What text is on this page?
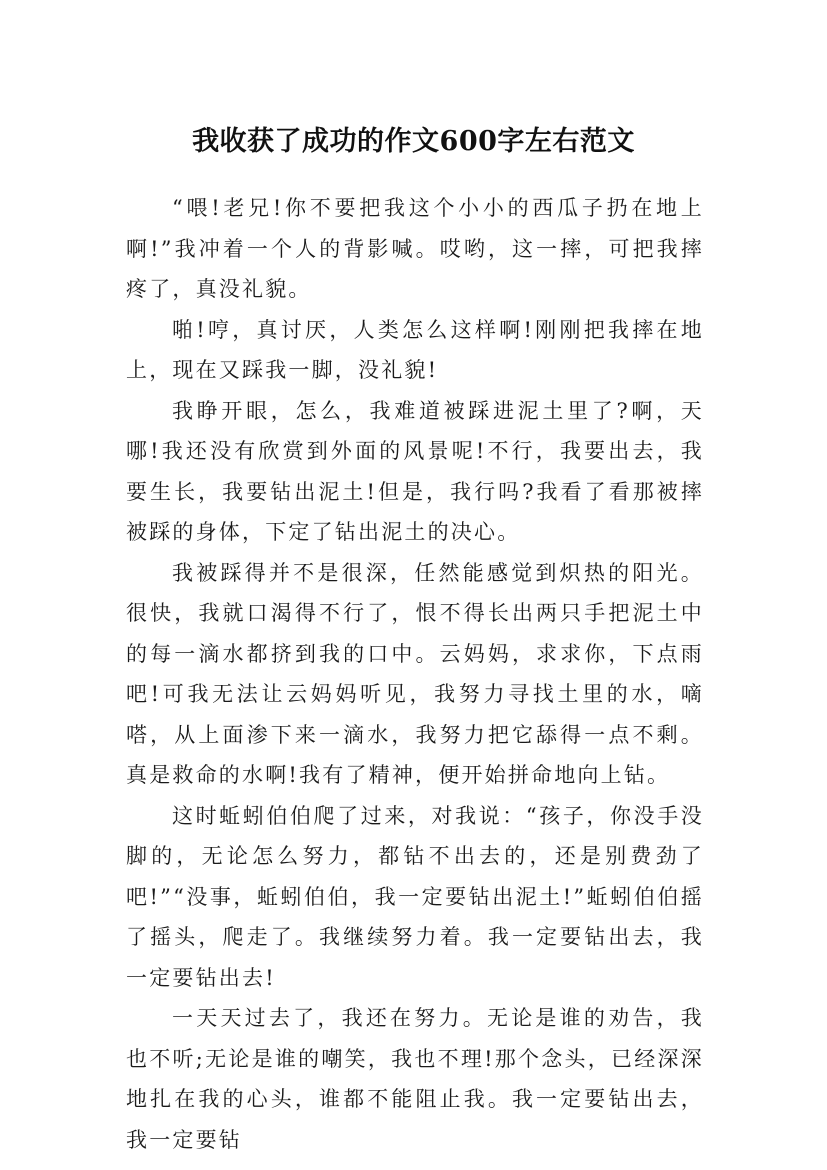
我收获了成功的作文600字左右范文

“喂!老兄!你不要把我这个小小的西瓜子扔在地上啊!”我冲着一个人的背影喊。哎哟，这一摔，可把我摔疼了，真没礼貌。

啪!哼，真讨厌，人类怎么这样啊!刚刚把我摔在地上，现在又踩我一脚，没礼貌!

我睁开眼，怎么，我难道被踩进泥土里了?啊，天哪!我还没有欣赏到外面的风景呢!不行，我要出去，我要生长，我要钻出泥土!但是，我行吗?我看了看那被摔被踩的身体，下定了钻出泥土的决心。

我被踩得并不是很深，任然能感觉到炽热的阳光。很快，我就口渴得不行了，恨不得长出两只手把泥土中的每一滴水都挤到我的口中。云妈妈，求求你，下点雨吧!可我无法让云妈妈听见，我努力寻找土里的水，嘀嗒，从上面渗下来一滴水，我努力把它舔得一点不剩。真是救命的水啊!我有了精神，便开始拼命地向上钻。

这时蚯蚓伯伯爬了过来，对我说：“孩子，你没手没脚的，无论怎么努力，都钻不出去的，还是别费劲了吧!”“没事，蚯蚓伯伯，我一定要钻出泥土!”蚯蚓伯伯摇了摇头，爬走了。我继续努力着。我一定要钻出去，我一定要钻出去!

一天天过去了，我还在努力。无论是谁的劝告，我也不听;无论是谁的嘲笑，我也不理!那个念头，已经深深地扎在我的心头，谁都不能阻止我。我一定要钻出去，我一定要钻
